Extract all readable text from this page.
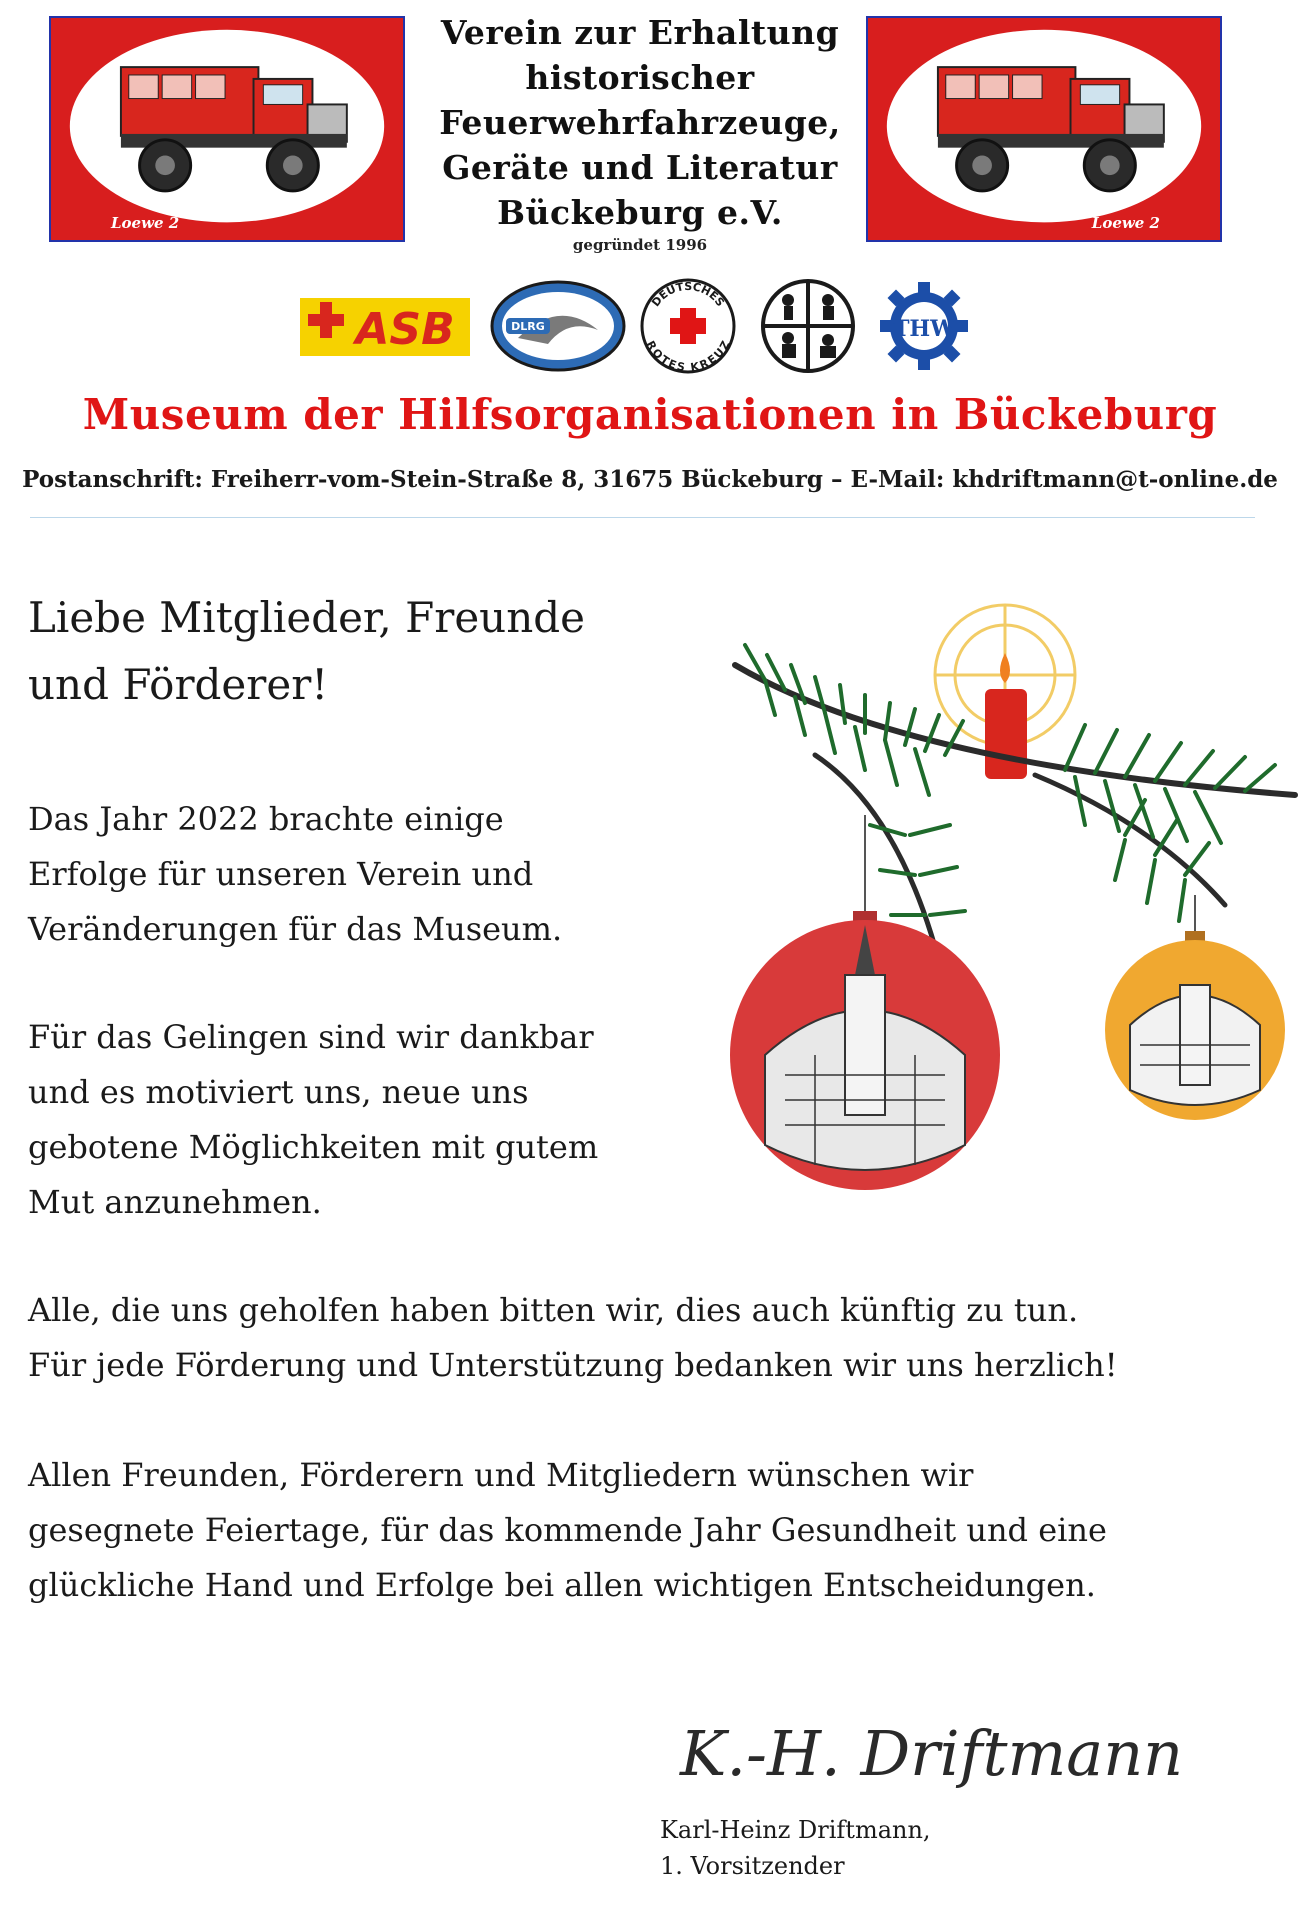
Loewe 2	Loewe 2
Verein zur Erhaltung
historischer
Feuerwehrfahrzeuge,
Geräte und Literatur
Bückeburg e.V.
gegründet 1996
ASB	DLRG
DEUTSCHES
ROTES KREUZ
THW
Museum der Hilfsorganisationen in Bückeburg
Postanschrift: Freiherr-vom-Stein-Straße 8, 31675 Bückeburg – E-Mail: khdriftmann@t-online.de
Liebe Mitglieder, Freunde
und Förderer!
Das Jahr 2022 brachte einige
Erfolge für unseren Verein und
Veränderungen für das Museum.
Für das Gelingen sind wir dankbar
und es motiviert uns, neue uns
gebotene Möglichkeiten mit gutem
Mut anzunehmen.
Alle, die uns geholfen haben bitten wir, dies auch künftig zu tun.
Für jede Förderung und Unterstützung bedanken wir uns herzlich!
Allen Freunden, Förderern und Mitgliedern wünschen wir
gesegnete Feiertage, für das kommende Jahr Gesundheit und eine
glückliche Hand und Erfolge bei allen wichtigen Entscheidungen.
K.-H. Driftmann
Karl-Heinz Driftmann,
1. Vorsitzender
